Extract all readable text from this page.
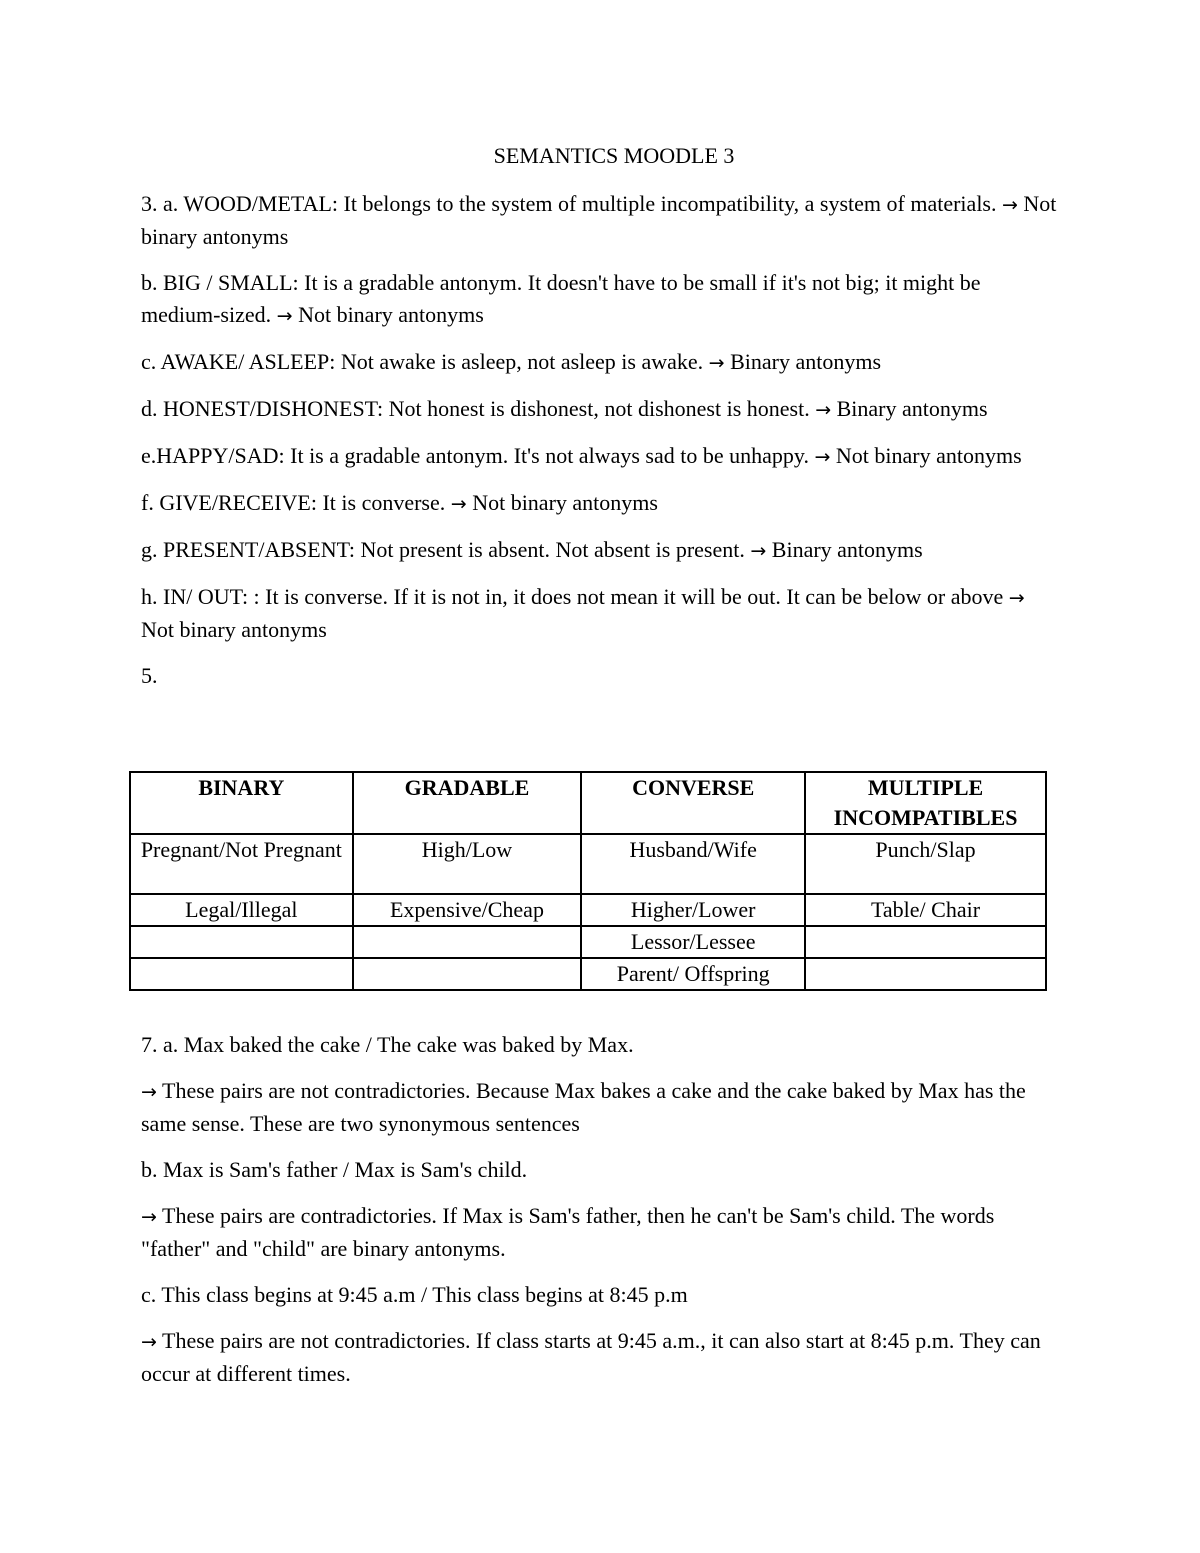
SEMANTICS MOODLE 3

3. a. WOOD/METAL: It belongs to the system of multiple incompatibility, a system of materials. → Not binary antonyms

b. BIG / SMALL: It is a gradable antonym. It doesn't have to be small if it's not big; it might be medium-sized. → Not binary antonyms

c. AWAKE/ ASLEEP: Not awake is asleep, not asleep is awake. → Binary antonyms

d. HONEST/DISHONEST: Not honest is dishonest, not dishonest is honest. → Binary antonyms

e.HAPPY/SAD: It is a gradable antonym. It's not always sad to be unhappy. → Not binary antonyms

f. GIVE/RECEIVE: It is converse. → Not binary antonyms

g. PRESENT/ABSENT: Not present is absent. Not absent is present. → Binary antonyms

h. IN/ OUT: : It is converse. If it is not in, it does not mean it will be out. It can be below or above → Not binary antonyms

5.

BINARY	GRADABLE	CONVERSE	MULTIPLE INCOMPATIBLES
Pregnant/Not Pregnant	High/Low	Husband/Wife	Punch/Slap
Legal/Illegal	Expensive/Cheap	Higher/Lower	Table/ Chair
		Lessor/Lessee	
		Parent/ Offspring	

7. a. Max baked the cake / The cake was baked by Max.

→ These pairs are not contradictories. Because Max bakes a cake and the cake baked by Max has the same sense. These are two synonymous sentences

b. Max is Sam's father / Max is Sam's child.

→ These pairs are contradictories. If Max is Sam's father, then he can't be Sam's child. The words "father" and "child" are binary antonyms.

c. This class begins at 9:45 a.m / This class begins at 8:45 p.m

→ These pairs are not contradictories. If class starts at 9:45 a.m., it can also start at 8:45 p.m. They can occur at different times.
